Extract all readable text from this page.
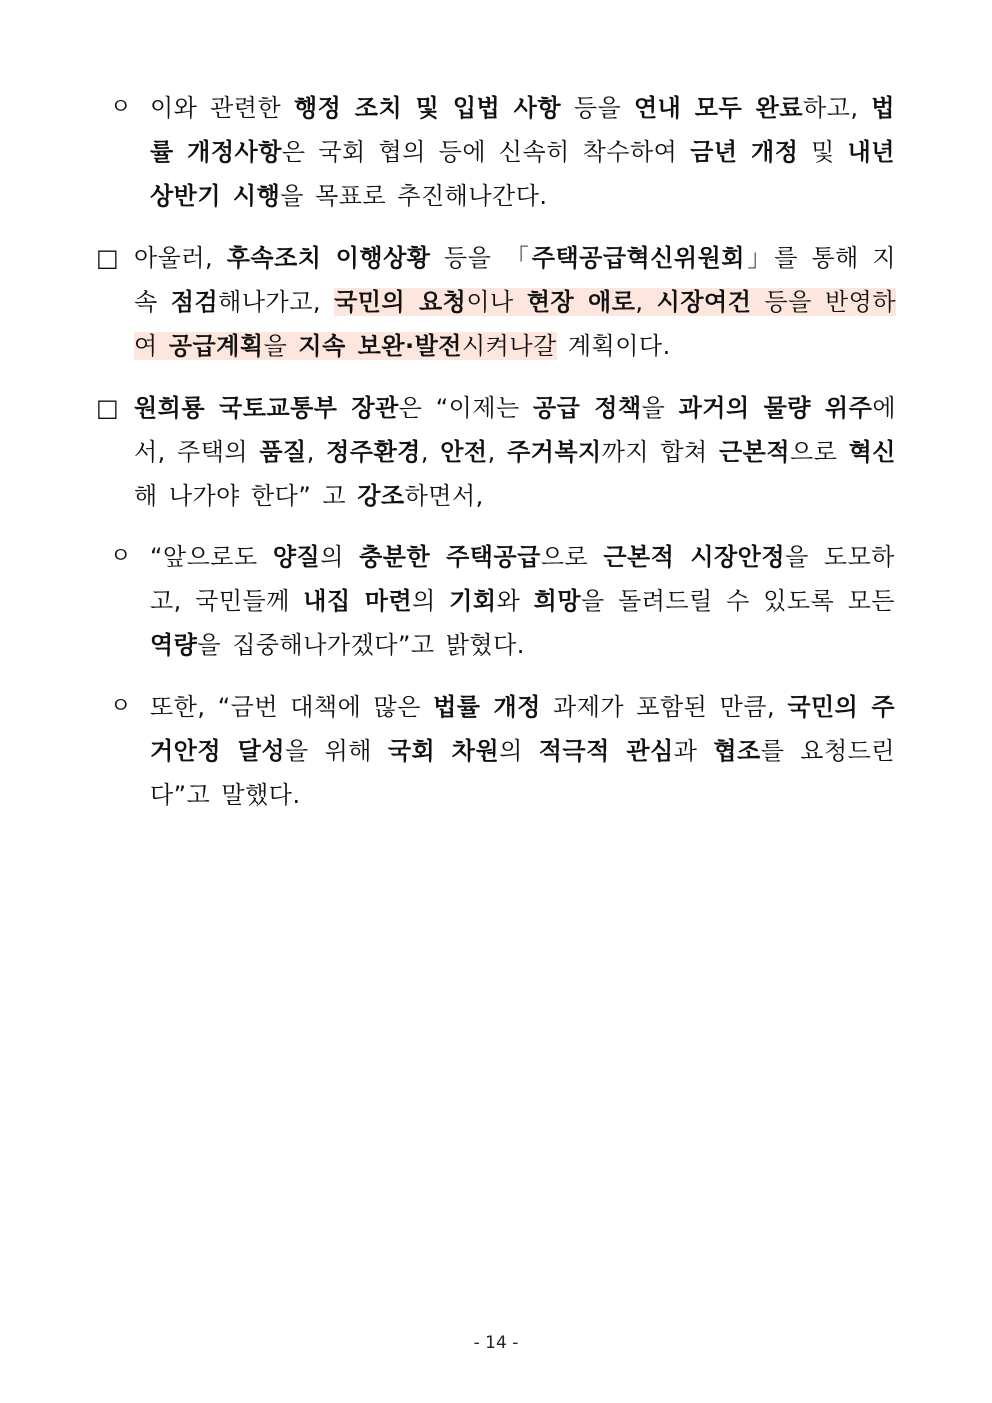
ㅇ 이와 관련한 행정 조치 및 입법 사항 등을 연내 모두 완료하고, 법률 개정사항은 국회 협의 등에 신속히 착수하여 금년 개정 및 내년 상반기 시행을 목표로 추진해나간다.
□ 아울러, 후속조치 이행상황 등을 「주택공급혁신위원회」를 통해 지속 점검해나가고, 국민의 요청이나 현장 애로, 시장여건 등을 반영하여 공급계획을 지속 보완·발전시켜나갈 계획이다.
□ 원희룡 국토교통부 장관은 “이제는 공급 정책을 과거의 물량 위주에서, 주택의 품질, 정주환경, 안전, 주거복지까지 합쳐 근본적으로 혁신해 나가야 한다” 고 강조하면서,
ㅇ “앞으로도 양질의 충분한 주택공급으로 근본적 시장안정을 도모하고, 국민들께 내집 마련의 기회와 희망을 돌려드릴 수 있도록 모든 역량을 집중해나가겠다”고 밝혔다.
ㅇ 또한, “금번 대책에 많은 법률 개정 과제가 포함된 만큼, 국민의 주거안정 달성을 위해 국회 차원의 적극적 관심과 협조를 요청드린다”고 말했다.
- 14 -
